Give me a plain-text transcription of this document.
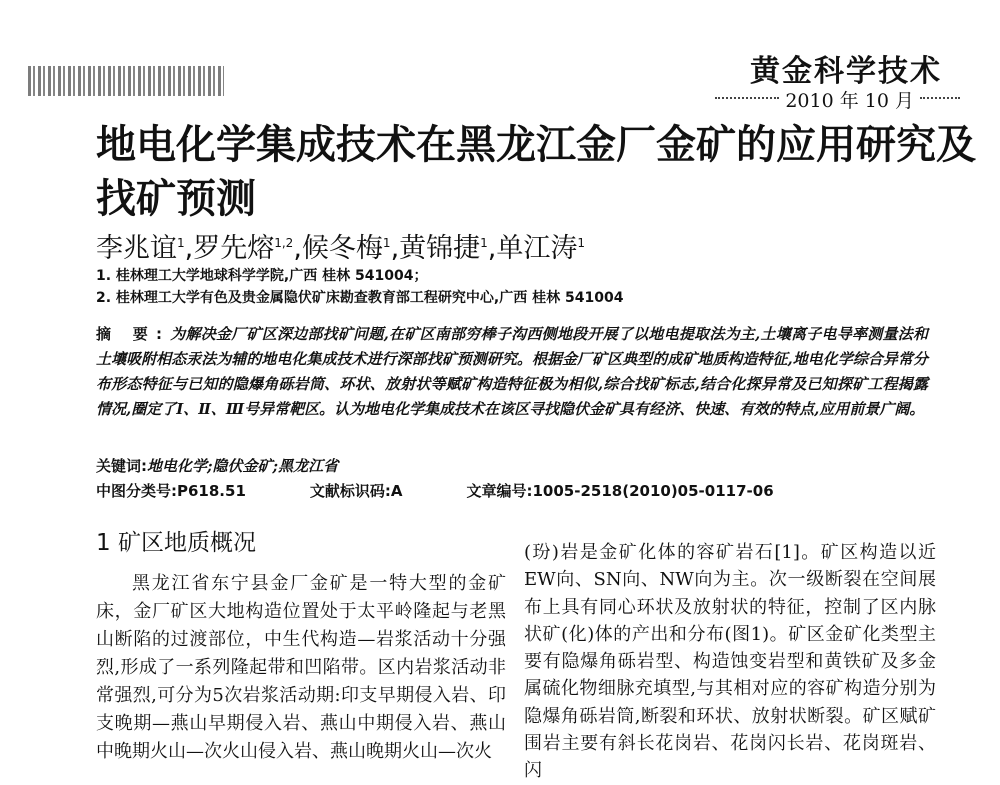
黄金科学技术
2010 年 10 月
地电化学集成技术在黑龙江金厂金矿的应用研究及找矿预测
李兆谊$^1$,罗先熔$^{1,2}$,候冬梅$^1$,黄锦捷$^1$,单江涛$^1$
1. 桂林理工大学地球科学学院,广西 桂林 541004；
2. 桂林理工大学有色及贵金属隐伏矿床勘查教育部工程研究中心,广西 桂林 541004
摘 要:为解决金厂矿区深边部找矿问题,在矿区南部穷棒子沟西侧地段开展了以地电提取法为主,土壤离子电导率测量法和土壤吸附相态汞法为辅的地电化集成技术进行深部找矿预测研究。根据金厂矿区典型的成矿地质构造特征,地电化学综合异常分布形态特征与已知的隐爆角砾岩筒、环状、放射状等赋矿构造特征极为相似,综合找矿标志,结合化探异常及已知探矿工程揭露情况,圈定了Ⅰ、Ⅱ、Ⅲ号异常靶区。认为地电化学集成技术在该区寻找隐伏金矿具有经济、快速、有效的特点,应用前景广阔。
关键词:地电化学;隐伏金矿;黑龙江省
中图分类号:P618.51	文献标识码:A	文章编号:1005-2518(2010)05-0117-06
1 矿区地质概况

黑龙江省东宁县金厂金矿是一特大型的金矿床，金厂矿区大地构造位置处于太平岭隆起与老黑山断陷的过渡部位，中生代构造—岩浆活动十分强烈,形成了一系列隆起带和凹陷带。区内岩浆活动非常强烈,可分为5次岩浆活动期:印支早期侵入岩、印支晚期—燕山早期侵入岩、燕山中期侵入岩、燕山中晚期火山—次火山侵入岩、燕山晚期火山—次火

(玢)岩是金矿化体的容矿岩石[1]。矿区构造以近EW向、SN向、NW向为主。次一级断裂在空间展布上具有同心环状及放射状的特征，控制了区内脉状矿(化)体的产出和分布(图1)。矿区金矿化类型主要有隐爆角砾岩型、构造蚀变岩型和黄铁矿及多金属硫化物细脉充填型,与其相对应的容矿构造分别为隐爆角砾岩筒,断裂和环状、放射状断裂。矿区赋矿围岩主要有斜长花岗岩、花岗闪长岩、花岗斑岩、闪
